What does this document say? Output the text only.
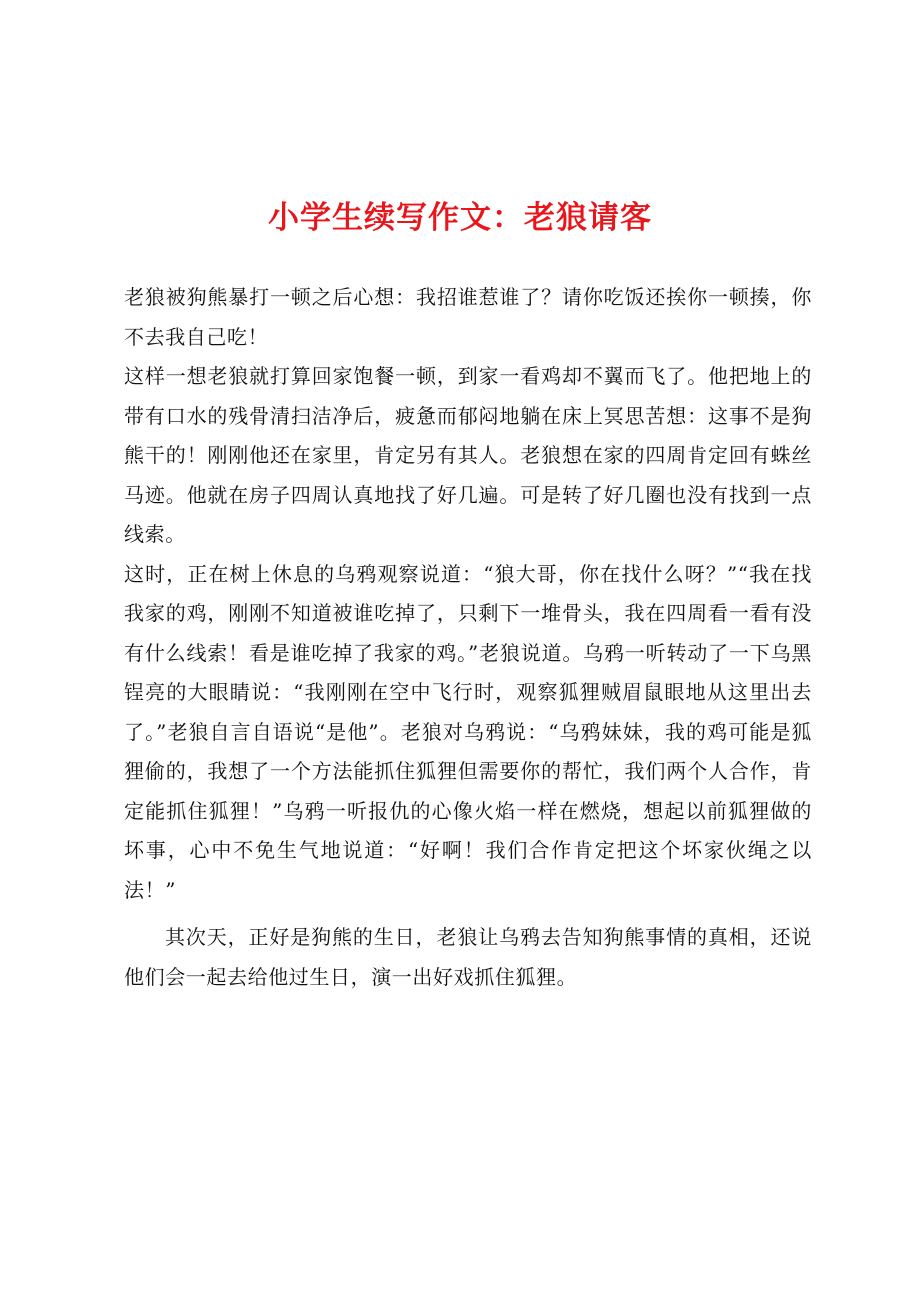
小学生续写作文：老狼请客

老狼被狗熊暴打一顿之后心想：我招谁惹谁了？请你吃饭还挨你一顿揍，你不去我自己吃！

这样一想老狼就打算回家饱餐一顿，到家一看鸡却不翼而飞了。他把地上的带有口水的残骨清扫洁净后，疲惫而郁闷地躺在床上冥思苦想：这事不是狗熊干的！刚刚他还在家里，肯定另有其人。老狼想在家的四周肯定回有蛛丝马迹。他就在房子四周认真地找了好几遍。可是转了好几圈也没有找到一点线索。

这时，正在树上休息的乌鸦观察说道：“狼大哥，你在找什么呀？”“我在找我家的鸡，刚刚不知道被谁吃掉了，只剩下一堆骨头，我在四周看一看有没有什么线索！看是谁吃掉了我家的鸡。”老狼说道。乌鸦一听转动了一下乌黑锃亮的大眼睛说：“我刚刚在空中飞行时，观察狐狸贼眉鼠眼地从这里出去了。”老狼自言自语说“是他”。老狼对乌鸦说：“乌鸦妹妹，我的鸡可能是狐狸偷的，我想了一个方法能抓住狐狸但需要你的帮忙，我们两个人合作，肯定能抓住狐狸！”乌鸦一听报仇的心像火焰一样在燃烧，想起以前狐狸做的坏事，心中不免生气地说道：“好啊！我们合作肯定把这个坏家伙绳之以法！”

其次天，正好是狗熊的生日，老狼让乌鸦去告知狗熊事情的真相，还说他们会一起去给他过生日，演一出好戏抓住狐狸。
